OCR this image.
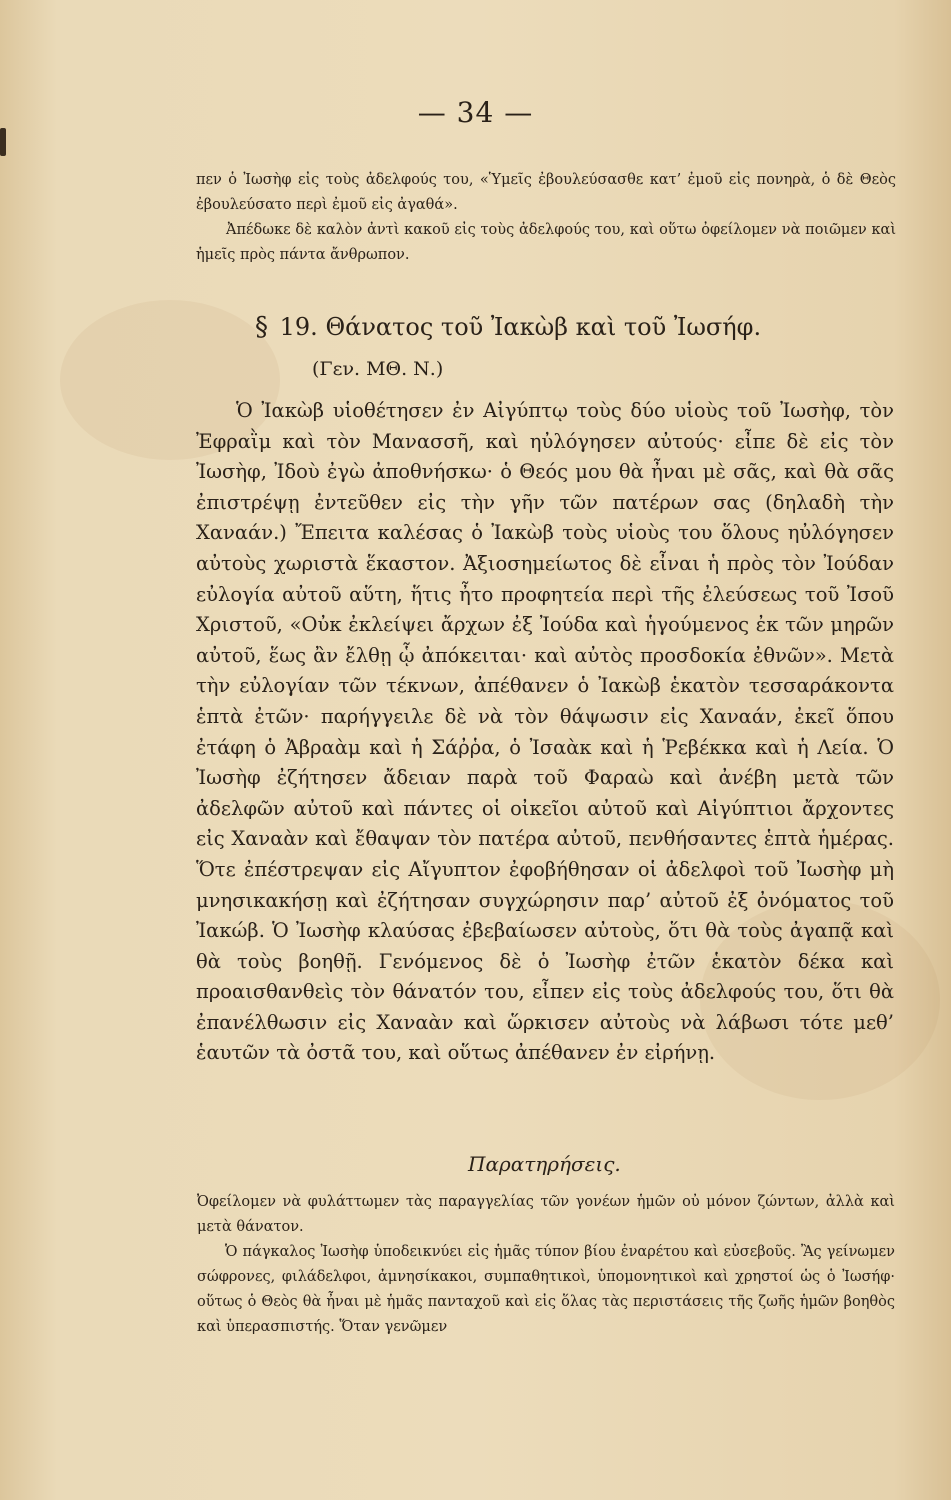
— 34 —

πεν ὁ Ἰωσὴφ εἰς τοὺς ἀδελφούς του, «Ὑμεῖς ἐβουλεύσασθε κατ’ ἐμοῦ εἰς πονηρὰ, ὁ δὲ Θεὸς ἐβουλεύσατο περὶ ἐμοῦ εἰς ἀγαθά».

Ἀπέδωκε δὲ καλὸν ἀντὶ κακοῦ εἰς τοὺς ἀδελφούς του, καὶ οὕτω ὀφείλομεν νὰ ποιῶμεν καὶ ἡμεῖς πρὸς πάντα ἄνθρωπον.

§ 19. Θάνατος τοῦ Ἰακὼβ καὶ τοῦ Ἰωσήφ.
(Γεν. ΜΘ. Ν.)

Ὁ Ἰακὼβ υἱοθέτησεν ἐν Αἰγύπτῳ τοὺς δύο υἱοὺς τοῦ Ἰωσὴφ, τὸν Ἐφραῒμ καὶ τὸν Μανασσῆ, καὶ ηὐλόγησεν αὐτούς· εἶπε δὲ εἰς τὸν Ἰωσὴφ, Ἰδοὺ ἐγὼ ἀποθνήσκω· ὁ Θεός μου θὰ ἦναι μὲ σᾶς, καὶ θὰ σᾶς ἐπιστρέψῃ ἐντεῦθεν εἰς τὴν γῆν τῶν πατέρων σας (δηλαδὴ τὴν Χαναάν.) Ἔπειτα καλέσας ὁ Ἰακὼβ τοὺς υἱοὺς του ὅλους ηὐλόγησεν αὐτοὺς χωριστὰ ἕκαστον. Ἀξιοσημείωτος δὲ εἶναι ἡ πρὸς τὸν Ἰούδαν εὐλογία αὐτοῦ αὕτη, ἥτις ἦτο προφητεία περὶ τῆς ἐλεύσεως τοῦ Ἰσοῦ Χριστοῦ, «Οὐκ ἐκλείψει ἄρχων ἐξ Ἰούδα καὶ ἡγούμενος ἐκ τῶν μηρῶν αὐτοῦ, ἕως ἂν ἔλθῃ ᾧ ἀπόκειται· καὶ αὐτὸς προσδοκία ἐθνῶν». Μετὰ τὴν εὐλογίαν τῶν τέκνων, ἀπέθανεν ὁ Ἰακὼβ ἑκατὸν τεσσαράκοντα ἑπτὰ ἐτῶν· παρήγγειλε δὲ νὰ τὸν θάψωσιν εἰς Χαναάν, ἐκεῖ ὅπου ἐτάφη ὁ Ἀβραὰμ καὶ ἡ Σάῤῥα, ὁ Ἰσαὰκ καὶ ἡ Ῥεβέκκα καὶ ἡ Λεία. Ὁ Ἰωσὴφ ἐζήτησεν ἄδειαν παρὰ τοῦ Φαραὼ καὶ ἀνέβη μετὰ τῶν ἀδελφῶν αὐτοῦ καὶ πάντες οἱ οἰκεῖοι αὐτοῦ καὶ Αἰγύπτιοι ἄρχοντες εἰς Χαναὰν καὶ ἔθαψαν τὸν πατέρα αὐτοῦ, πενθήσαντες ἑπτὰ ἡμέρας. Ὅτε ἐπέστρεψαν εἰς Αἴγυπτον ἐφοβήθησαν οἱ ἀδελφοὶ τοῦ Ἰωσὴφ μὴ μνησικακήσῃ καὶ ἐζήτησαν συγχώρησιν παρ’ αὐτοῦ ἐξ ὀνόματος τοῦ Ἰακώβ. Ὁ Ἰωσὴφ κλαύσας ἐβεβαίωσεν αὐτοὺς, ὅτι θὰ τοὺς ἀγαπᾷ καὶ θὰ τοὺς βοηθῇ. Γενόμενος δὲ ὁ Ἰωσὴφ ἐτῶν ἑκατὸν δέκα καὶ προαισθανθεὶς τὸν θάνατόν του, εἶπεν εἰς τοὺς ἀδελφούς του, ὅτι θὰ ἐπανέλθωσιν εἰς Χαναὰν καὶ ὥρκισεν αὐτοὺς νὰ λάβωσι τότε μεθ’ ἑαυτῶν τὰ ὀστᾶ του, καὶ οὕτως ἀπέθανεν ἐν εἰρήνῃ.

Παρατηρήσεις.

Ὀφείλομεν νὰ φυλάττωμεν τὰς παραγγελίας τῶν γονέων ἡμῶν οὐ μόνον ζώντων, ἀλλὰ καὶ μετὰ θάνατον.

Ὁ πάγκαλος Ἰωσὴφ ὑποδεικνύει εἰς ἡμᾶς τύπον βίου ἐναρέτου καὶ εὐσεβοῦς. Ἂς γείνωμεν σώφρονες, φιλάδελφοι, ἀμνησίκακοι, συμπαθητικοὶ, ὑπομονητικοὶ καὶ χρηστοί ὡς ὁ Ἰωσήφ· οὕτως ὁ Θεὸς θὰ ἦναι μὲ ἡμᾶς πανταχοῦ καὶ εἰς ὅλας τὰς περιστάσεις τῆς ζωῆς ἡμῶν βοηθὸς καὶ ὑπερασπιστής. Ὅταν γενῶμεν
